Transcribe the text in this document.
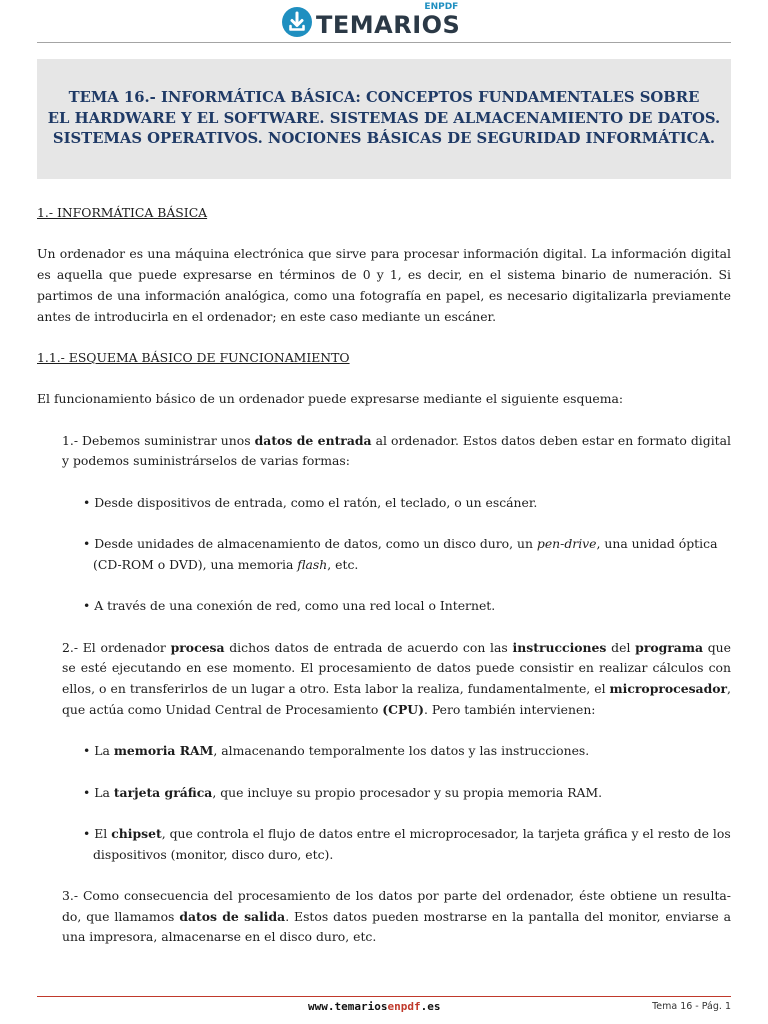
ENPDF
TEMARIOS
TEMA 16.- INFORMÁTICA BÁSICA: CONCEPTOS FUNDAMENTALES SOBRE
EL HARDWARE Y EL SOFTWARE. SISTEMAS DE ALMACENAMIENTO DE DATOS.
SISTEMAS OPERATIVOS. NOCIONES BÁSICAS DE SEGURIDAD INFORMÁTICA.

1.- INFORMÁTICA BÁSICA

Un ordenador es una máquina electrónica que sirve para procesar información digital. La información digital es aquella que puede expresarse en términos de 0 y 1, es decir, en el sistema binario de numeración. Si partimos de una información analógica, como una fotografía en papel, es necesario digitalizarla previamente antes de introducirla en el ordenador; en este caso mediante un escáner.

1.1.- ESQUEMA BÁSICO DE FUNCIONAMIENTO

El funcionamiento básico de un ordenador puede expresarse mediante el siguiente esquema:

1.- Debemos suministrar unos datos de entrada al ordenador. Estos datos deben estar en formato digital y podemos suministrárselos de varias formas:

• Desde dispositivos de entrada, como el ratón, el teclado, o un escáner.

• Desde unidades de almacenamiento de datos, como un disco duro, un pen-drive, una unidad óptica
(CD-ROM o DVD), una memoria flash, etc.

• A través de una conexión de red, como una red local o Internet.

2.- El ordenador procesa dichos datos de entrada de acuerdo con las instrucciones del programa que se esté ejecutando en ese momento. El procesamiento de datos puede consistir en realizar cálculos con ellos, o en transferirlos de un lugar a otro. Esta labor la realiza, fundamentalmente, el microprocesador, que actúa como Unidad Central de Procesamiento (CPU). Pero también intervienen:

• La memoria RAM, almacenando temporalmente los datos y las instrucciones.

• La tarjeta gráfica, que incluye su propio procesador y su propia memoria RAM.

• El chipset, que controla el flujo de datos entre el microprocesador, la tarjeta gráfica y el resto de los
dispositivos (monitor, disco duro, etc).

3.- Como consecuencia del procesamiento de los datos por parte del ordenador, éste obtiene un resulta-do, que llamamos datos de salida. Estos datos pueden mostrarse en la pantalla del monitor, enviarse a una impresora, almacenarse en el disco duro, etc.

www.temariosenpdf.es	Tema 16 - Pág. 1
